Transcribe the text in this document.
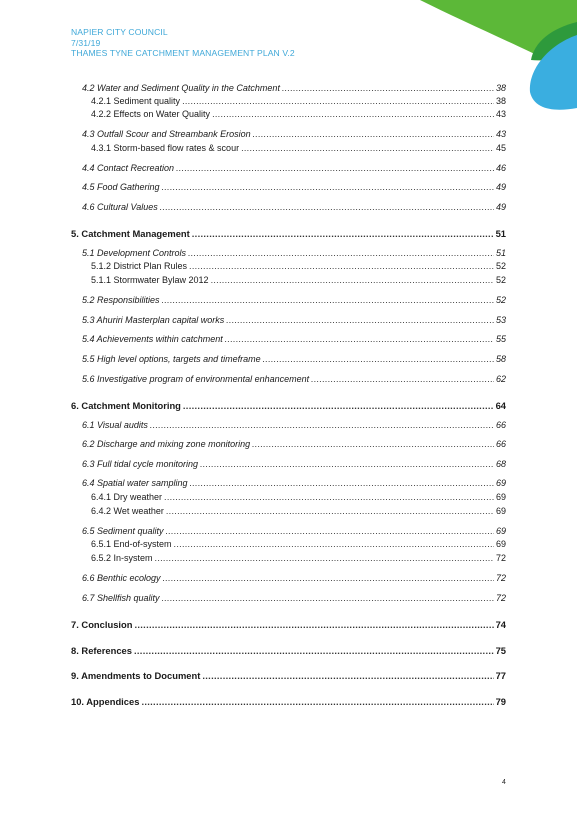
NAPIER CITY COUNCIL
7/31/19
THAMES TYNE CATCHMENT MANAGEMENT PLAN V.2
4.2 Water and Sediment Quality in the Catchment .....	38
4.2.1 Sediment quality .....	38
4.2.2 Effects on Water Quality .....	43
4.3 Outfall Scour and Streambank Erosion .....	43
4.3.1 Storm-based flow rates & scour .....	45
4.4 Contact Recreation .....	46
4.5 Food Gathering .....	49
4.6 Cultural Values .....	49
5. Catchment Management .....	51
5.1 Development Controls .....	51
5.1.2 District Plan Rules .....	52
5.1.1 Stormwater Bylaw 2012 .....	52
5.2 Responsibilities .....	52
5.3 Ahuriri Masterplan capital works .....	53
5.4 Achievements within catchment .....	55
5.5 High level options, targets and timeframe .....	58
5.6 Investigative program of environmental enhancement .....	62
6. Catchment Monitoring .....	64
6.1 Visual audits .....	66
6.2 Discharge and mixing zone monitoring .....	66
6.3 Full tidal cycle monitoring .....	68
6.4 Spatial water sampling .....	69
6.4.1 Dry weather .....	69
6.4.2 Wet weather .....	69
6.5 Sediment quality .....	69
6.5.1 End-of-system .....	69
6.5.2 In-system .....	72
6.6 Benthic ecology .....	72
6.7 Shellfish quality .....	72
7. Conclusion .....	74
8. References .....	75
9. Amendments to Document .....	77
10. Appendices .....	79
4
